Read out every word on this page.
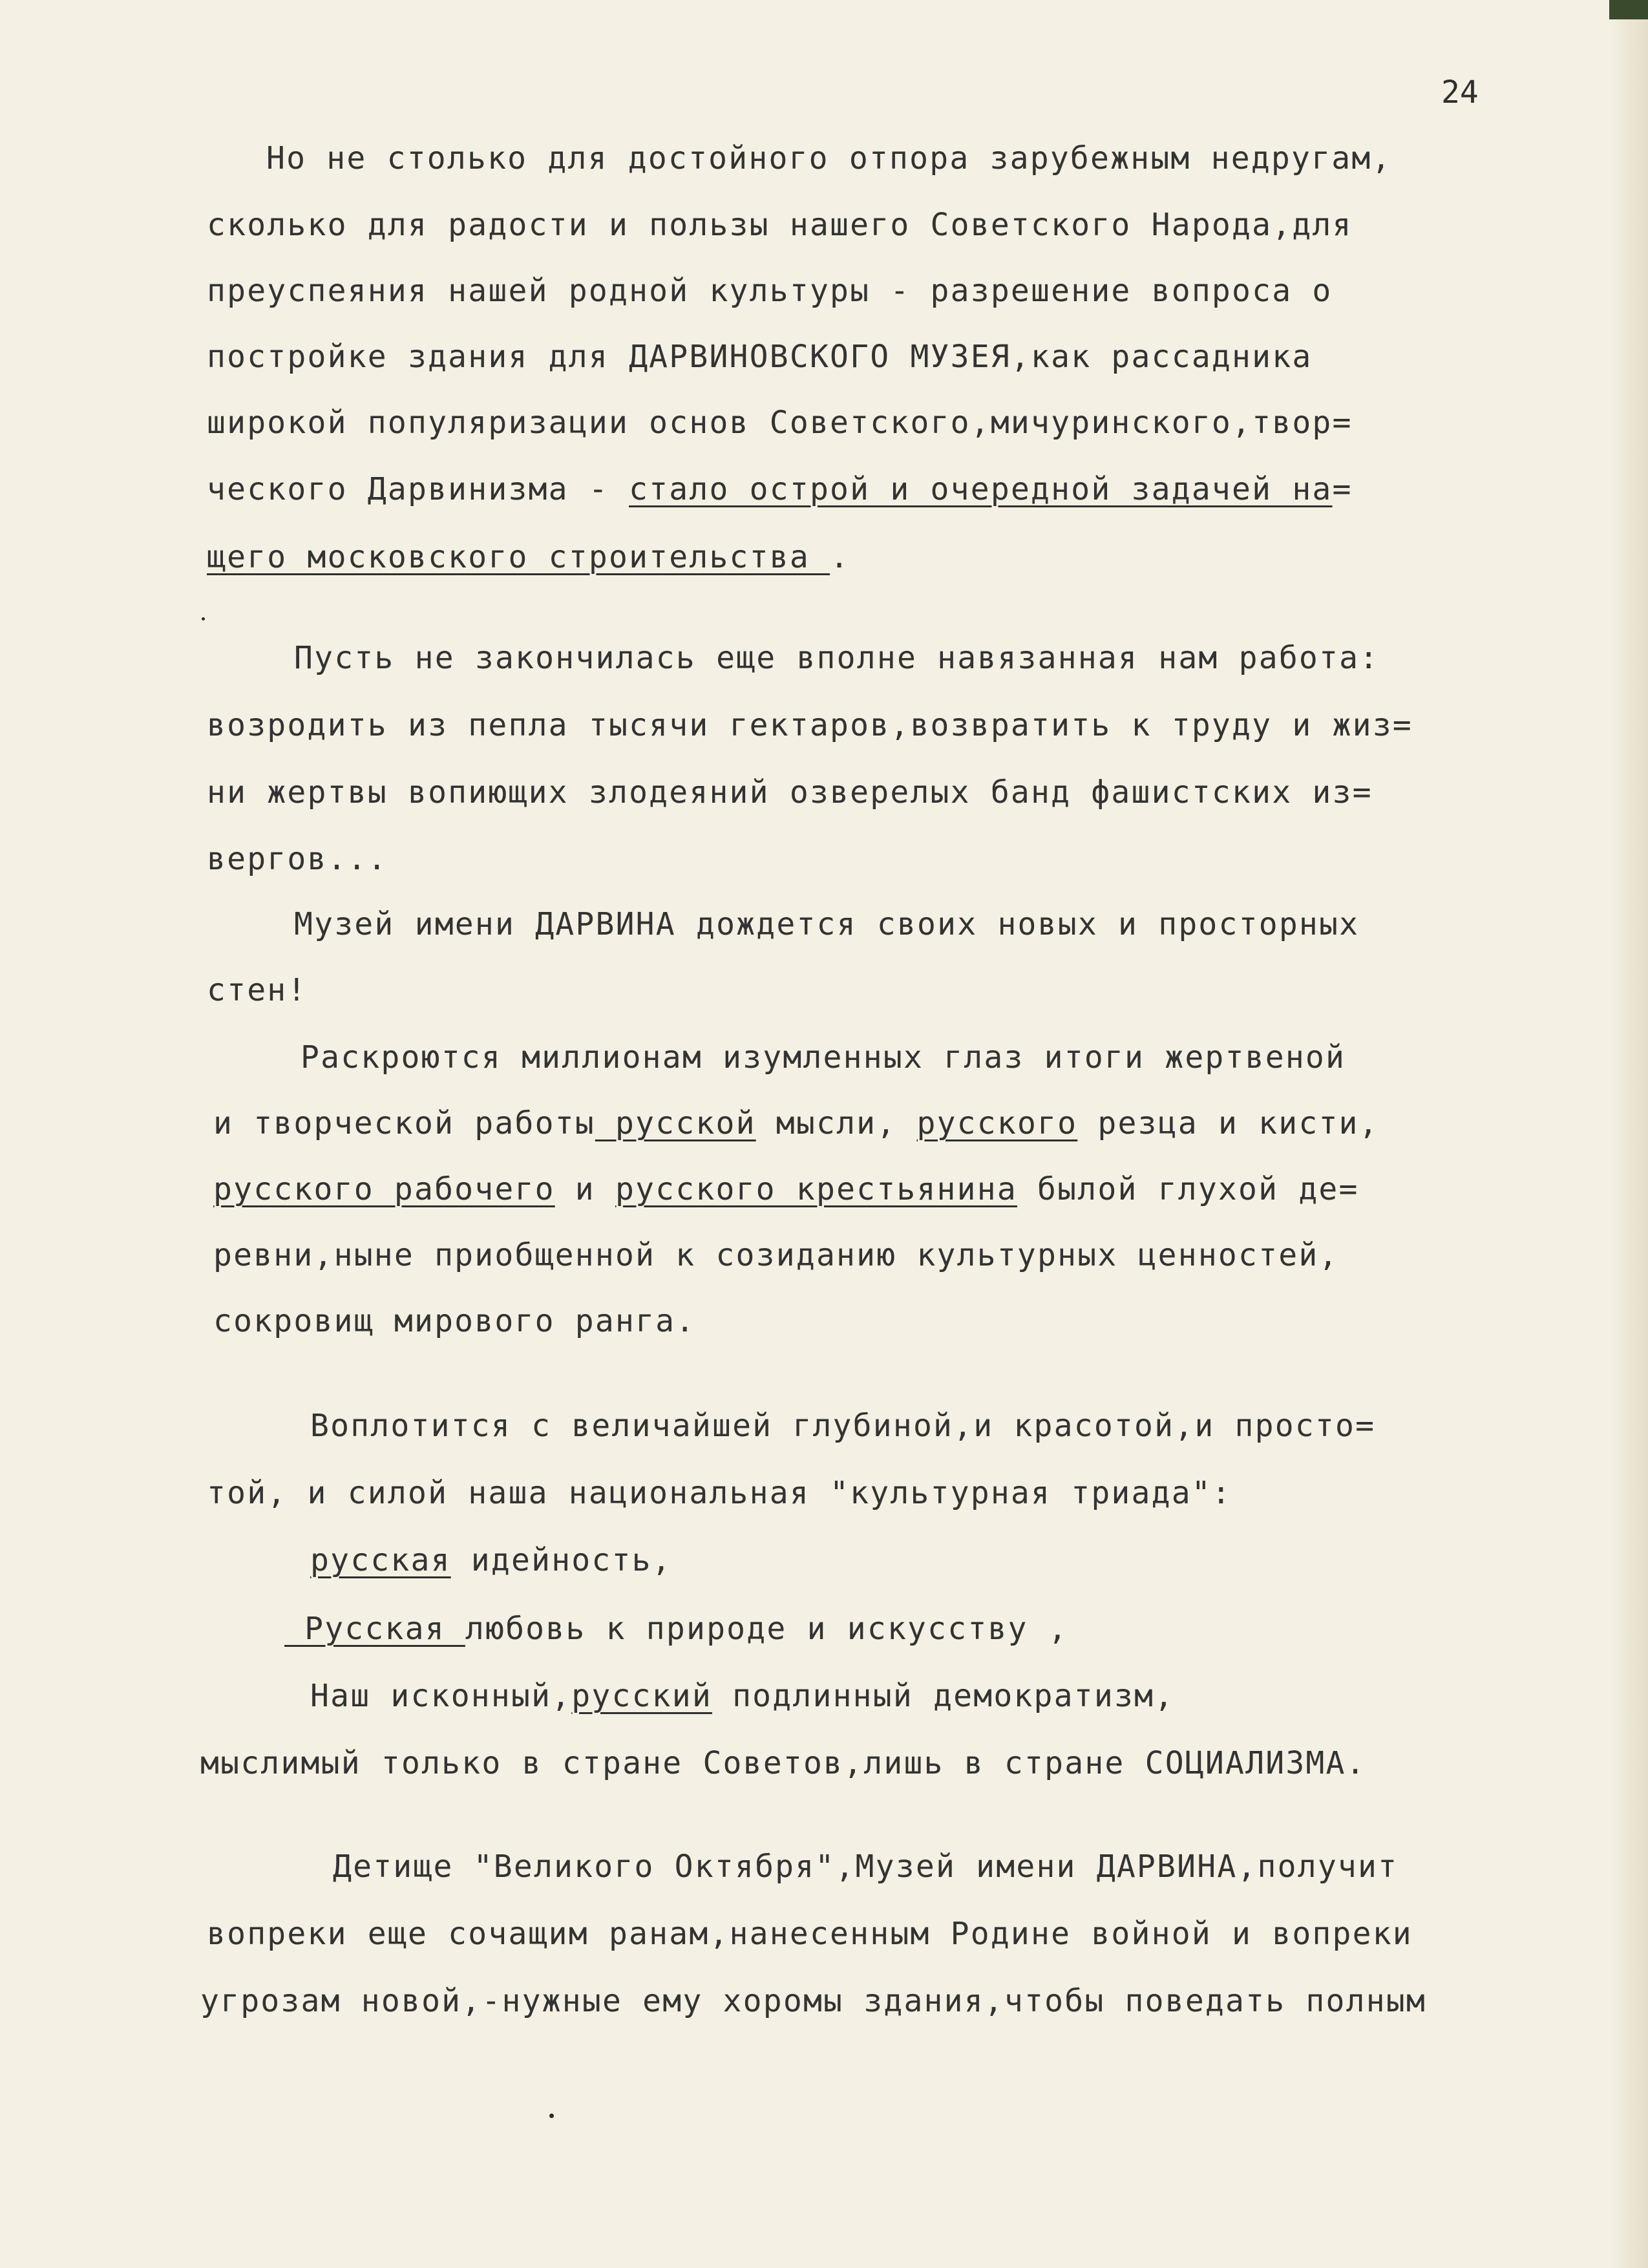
24
Но не столько для достойного отпора зарубежным недругам,
сколько для радости и пользы нашего Советского Народа,для
преуспеяния нашей родной культуры - разрешение вопроса о
постройке здания для ДАРВИНОВСКОГО МУЗЕЯ,как рассадника
широкой популяризации основ Советского,мичуринского,твор=
ческого Дарвинизма - стало острой и очередной задачей на=
щего московского строительства .
Пусть не закончилась еще вполне навязанная нам работа:
возродить из пепла тысячи гектаров,возвратить к труду и жиз=
ни жертвы вопиющих злодеяний озверелых банд фашистских из=
вергов...
Музей имени ДАРВИНА дождется своих новых и просторных
стен!
Раскроются миллионам изумленных глаз итоги жертвеной
и творческой работы русской мысли, русского резца и кисти,
русского рабочего и русского крестьянина былой глухой де=
ревни,ныне приобщенной к созиданию культурных ценностей,
сокровищ мирового ранга.
Воплотится с величайшей глубиной,и красотой,и просто=
той, и силой наша национальная "культурная триада":
русская идейность,
Русская любовь к природе и искусству ,
Наш исконный,русский подлинный демократизм,
мыслимый только в стране Советов,лишь в стране СОЦИАЛИЗМА.
Детище "Великого Октября",Музей имени ДАРВИНА,получит
вопреки еще сочащим ранам,нанесенным Родине войной и вопреки
угрозам новой,-нужные ему хоромы здания,чтобы поведать полным
